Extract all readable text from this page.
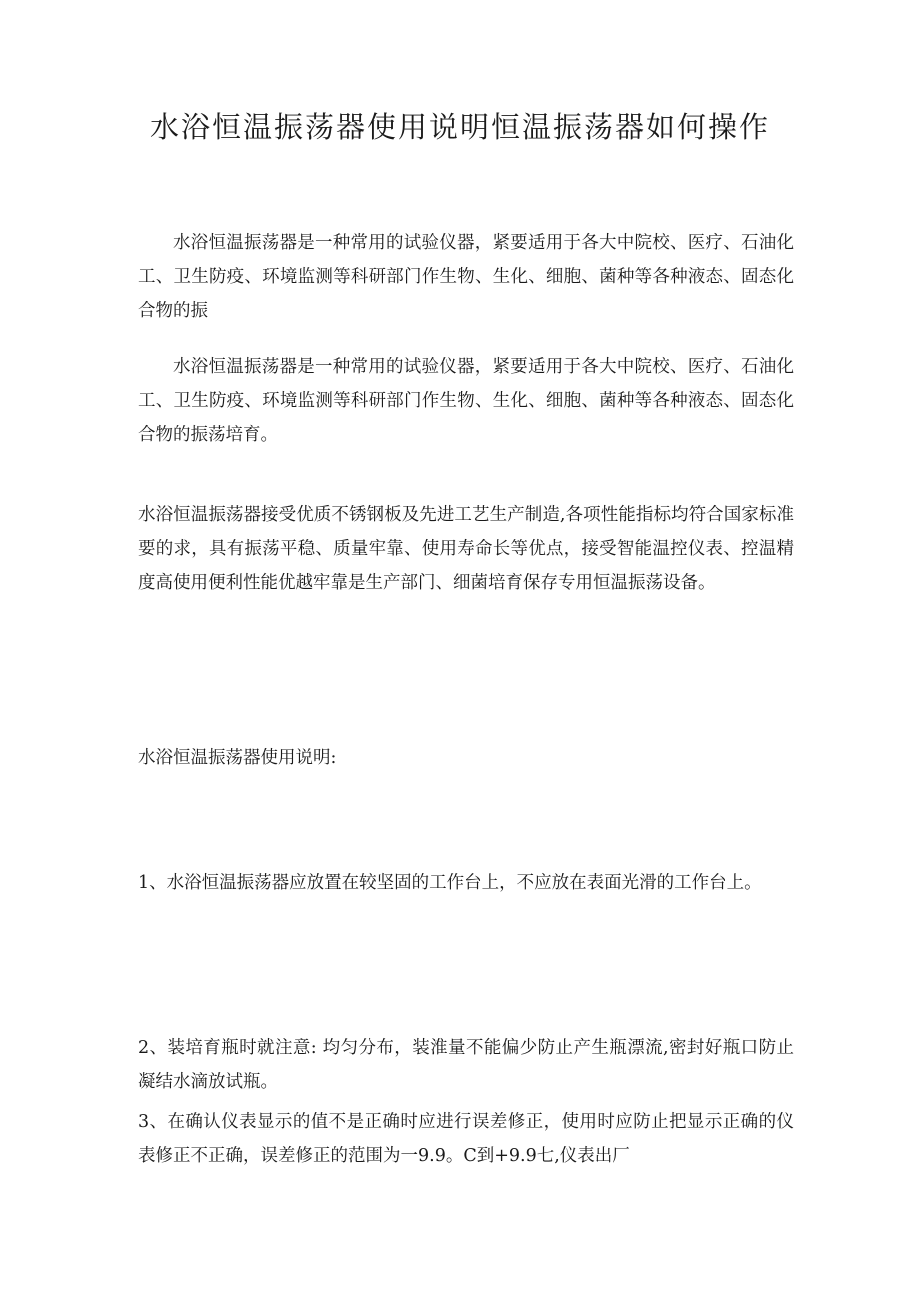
水浴恒温振荡器使用说明恒温振荡器如何操作

水浴恒温振荡器是一种常用的试验仪器，紧要适用于各大中院校、医疗、石油化工、卫生防疫、环境监测等科研部门作生物、生化、细胞、菌种等各种液态、固态化合物的振

水浴恒温振荡器是一种常用的试验仪器，紧要适用于各大中院校、医疗、石油化工、卫生防疫、环境监测等科研部门作生物、生化、细胞、菌种等各种液态、固态化合物的振荡培育。

水浴恒温振荡器接受优质不锈钢板及先进工艺生产制造,各项性能指标均符合国家标准要的求，具有振荡平稳、质量牢靠、使用寿命长等优点，接受智能温控仪表、控温精度高使用便利性能优越牢靠是生产部门、细菌培育保存专用恒温振荡设备。

水浴恒温振荡器使用说明:

1、水浴恒温振荡器应放置在较坚固的工作台上，不应放在表面光滑的工作台上。

2、装培育瓶时就注意: 均匀分布，装淮量不能偏少防止产生瓶漂流,密封好瓶口防止凝结水滴放试瓶。

3、在确认仪表显示的值不是正确时应进行误差修正，使用时应防止把显示正确的仪表修正不正确，误差修正的范围为一9.9。C到+9.9七,仪表出厂
